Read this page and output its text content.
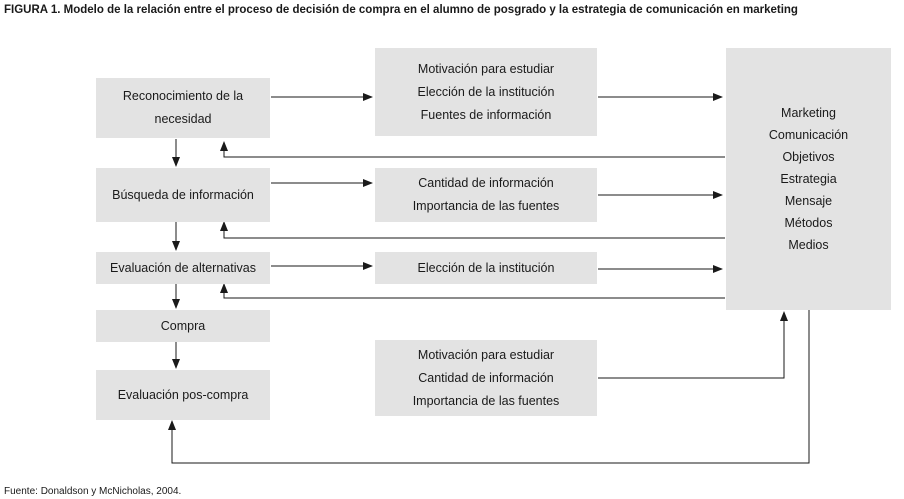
FIGURA 1. Modelo de la relación entre el proceso de decisión de compra en el alumno de posgrado y la estrategia de comunicación en marketing
Reconocimiento de la
necesidad
Búsqueda de información
Evaluación de alternativas
Compra
Evaluación pos-compra
Motivación para estudiar
Elección de la institución
Fuentes de información
Cantidad de información
Importancia de las fuentes
Elección de la institución
Motivación para estudiar
Cantidad de información
Importancia de las fuentes
Marketing
Comunicación
Objetivos
Estrategia
Mensaje
Métodos
Medios
Fuente: Donaldson y McNicholas, 2004.
